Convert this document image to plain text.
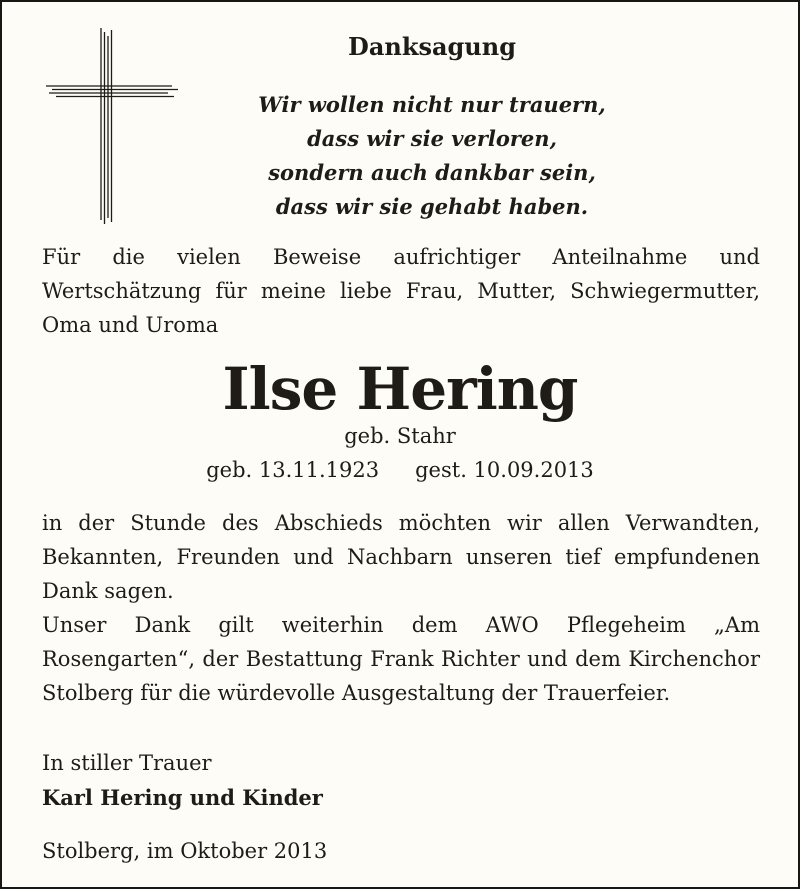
Danksagung
Wir wollen nicht nur trauern,
dass wir sie verloren,
sondern auch dankbar sein,
dass wir sie gehabt haben.
Für die vielen Beweise aufrichtiger Anteilnahme und Wertschätzung für meine liebe Frau, Mutter, Schwiegermutter, Oma und Uroma
Ilse Hering
geb. Stahr
geb. 13.11.1923 gest. 10.09.2013

in der Stunde des Abschieds möchten wir allen Verwandten, Bekannten, Freunden und Nachbarn unseren tief empfundenen Dank sagen.

Unser Dank gilt weiterhin dem AWO Pflegeheim „Am Rosengarten“, der Bestattung Frank Richter und dem Kirchenchor Stolberg für die würdevolle Ausgestaltung der Trauerfeier.

In stiller Trauer
Karl Hering und Kinder
Stolberg, im Oktober 2013
